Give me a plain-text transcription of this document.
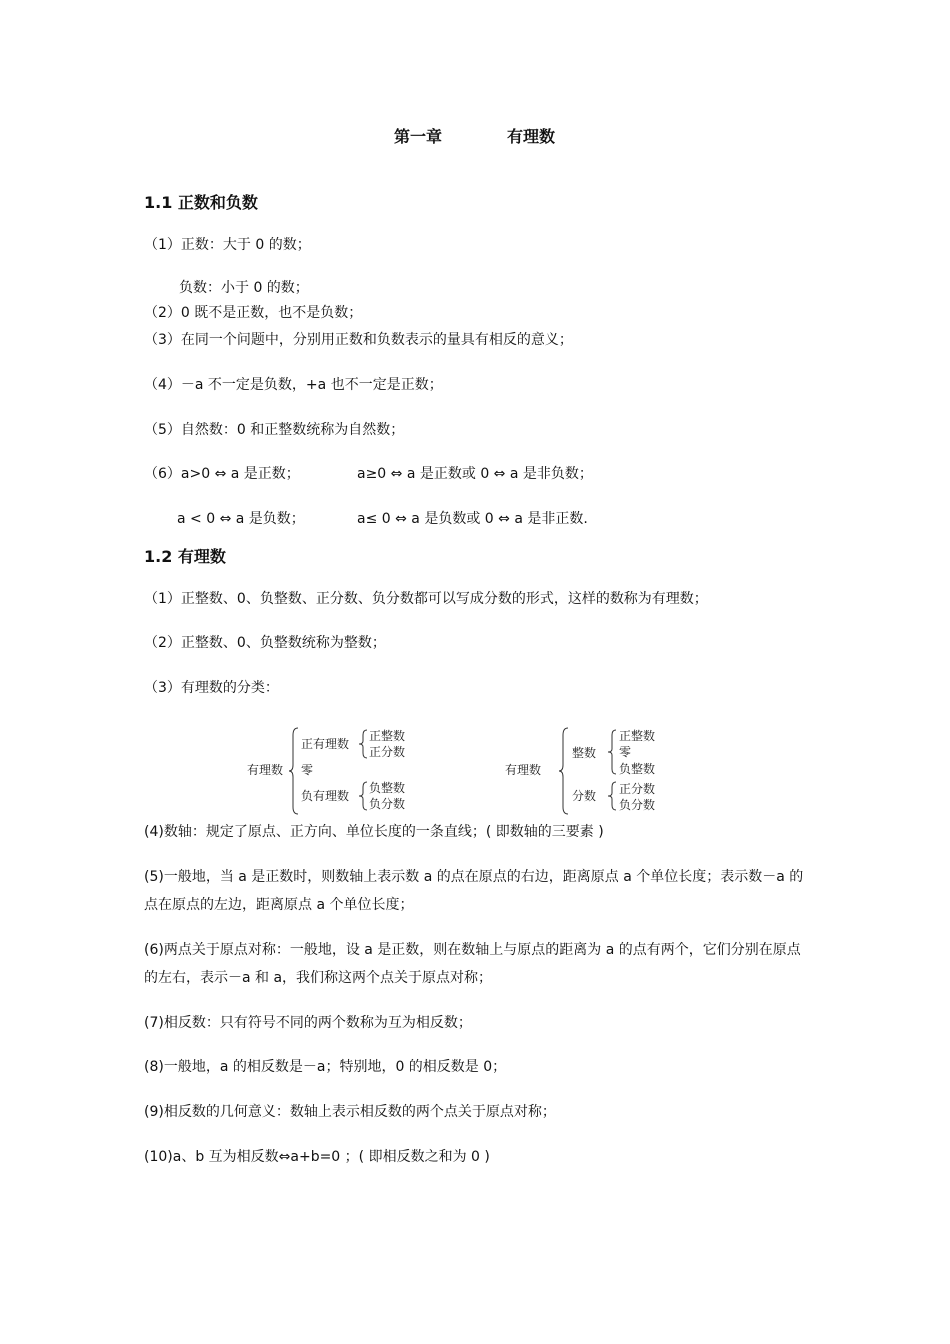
第一章	有理数
1.1 正数和负数
（1）正数：大于 0 的数；
负数：小于 0 的数；
（2）0 既不是正数，也不是负数；
（3）在同一个问题中，分别用正数和负数表示的量具有相反的意义；
（4）－a 不一定是负数，+a 也不一定是正数；
（5）自然数：0 和正整数统称为自然数；
（6）a>0 ⇔ a 是正数；	a≥0 ⇔ a 是正数或 0 ⇔ a 是非负数；
a < 0 ⇔ a 是负数；	a≤ 0 ⇔ a 是负数或 0 ⇔ a 是非正数.
1.2 有理数
（1）正整数、0、负整数、正分数、负分数都可以写成分数的形式，这样的数称为有理数；
（2）正整数、0、负整数统称为整数；
（3）有理数的分类：
有理数
正有理数
正整数
正分数
零
负有理数
负整数
负分数
有理数
整数
正整数
零
负整数
分数 正分数
负分数
(4)数轴：规定了原点、正方向、单位长度的一条直线；( 即数轴的三要素 )
(5)一般地，当 a 是正数时，则数轴上表示数 a 的点在原点的右边，距离原点 a 个单位长度；表示数－a 的
点在原点的左边，距离原点 a 个单位长度；
(6)两点关于原点对称：一般地，设 a 是正数，则在数轴上与原点的距离为 a 的点有两个，它们分别在原点
的左右，表示－a 和 a，我们称这两个点关于原点对称；
(7)相反数：只有符号不同的两个数称为互为相反数；
(8)一般地，a 的相反数是－a；特别地，0 的相反数是 0；
(9)相反数的几何意义：数轴上表示相反数的两个点关于原点对称；
(10)a、b 互为相反数⇔a+b=0 ；( 即相反数之和为 0 )
